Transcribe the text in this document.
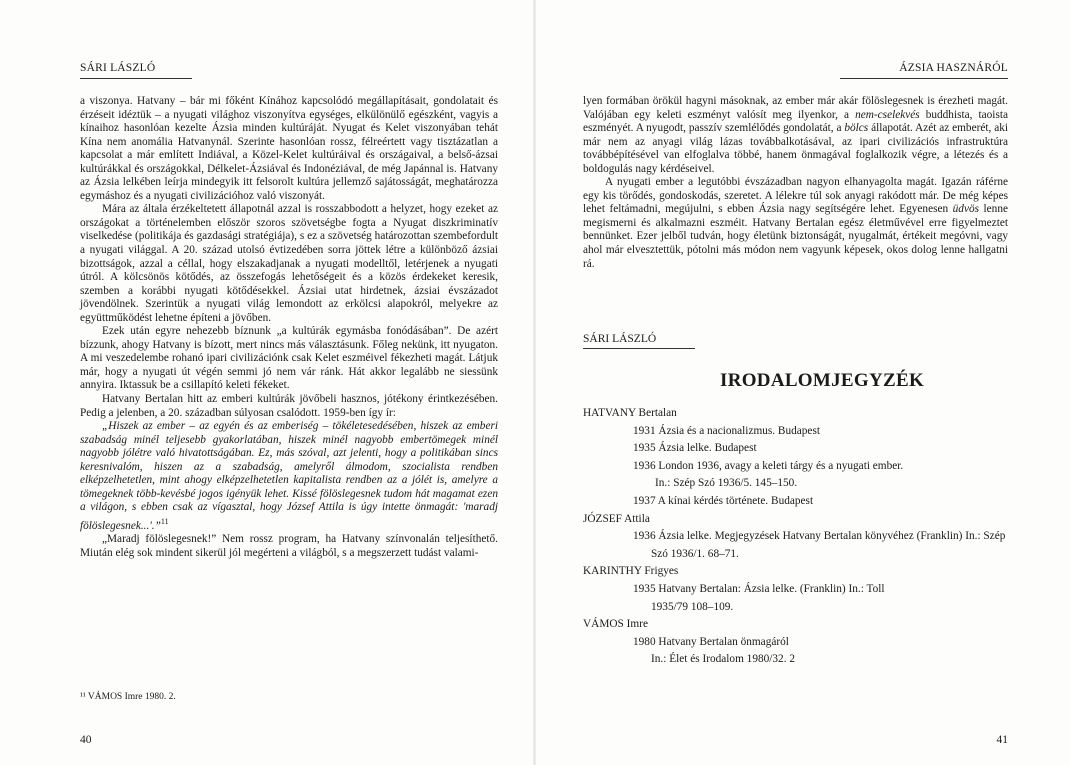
SÁRI LÁSZLÓ

a viszonya. Hatvany – bár mi főként Kínához kapcsolódó megállapításait, gondolatait és érzéseit idéztük – a nyugati világhoz viszonyítva egységes, elkülönülő egészként, vagyis a kínaihoz hasonlóan kezelte Ázsia minden kultúráját. Nyugat és Kelet viszonyában tehát Kína nem anomália Hatvanynál. Szerinte hasonlóan rossz, félreértett vagy tisztázatlan a kapcsolat a már említett Indiával, a Közel-Kelet kultúráival és országaival, a belső-ázsai kultúrákkal és országokkal, Délkelet-Ázsiával és Indonéziával, de még Japánnal is. Hatvany az Ázsia lelkében leírja mindegyik itt felsorolt kultúra jellemző sajátosságát, meghatározza egymáshoz és a nyugati civilizációhoz való viszonyát.

Mára az általa érzékeltetett állapotnál azzal is rosszabbodott a helyzet, hogy ezeket az országokat a történelemben először szoros szövetségbe fogta a Nyugat diszkriminatív viselkedése (politikája és gazdasági stratégiája), s ez a szövetség határozottan szembefordult a nyugati világgal. A 20. század utolsó évtizedében sorra jöttek létre a különböző ázsiai bizottságok, azzal a céllal, hogy elszakadjanak a nyugati modelltől, letérjenek a nyugati útról. A kölcsönös kötődés, az összefogás lehetőségeit és a közös érdekeket keresik, szemben a korábbi nyugati kötődésekkel. Ázsiai utat hirdetnek, ázsiai évszázadot jövendölnek. Szerintük a nyugati világ lemondott az erkölcsi alapokról, melyekre az együttműködést lehetne építeni a jövőben.

Ezek után egyre nehezebb bíznunk „a kultúrák egymásba fonódásában”. De azért bízzunk, ahogy Hatvany is bízott, mert nincs más választásunk. Főleg nekünk, itt nyugaton. A mi veszedelembe rohanó ipari civilizációnk csak Kelet eszméivel fékezheti magát. Látjuk már, hogy a nyugati út végén semmi jó nem vár ránk. Hát akkor legalább ne siessünk annyira. Iktassuk be a csillapító keleti fékeket.

Hatvany Bertalan hitt az emberi kultúrák jövőbeli hasznos, jótékony érintkezésében. Pedig a jelenben, a 20. században súlyosan csalódott. 1959-ben így ír:

„Hiszek az ember – az egyén és az emberiség – tökéletesedésében, hiszek az emberi szabadság minél teljesebb gyakorlatában, hiszek minél nagyobb embertömegek minél nagyobb jólétre való hivatottságában. Ez, más szóval, azt jelenti, hogy a politikában sincs keresnivalóm, hiszen az a szabadság, amelyről álmodom, szocialista rendben elképzelhetetlen, mint ahogy elképzelhetetlen kapitalista rendben az a jólét is, amelyre a tömegeknek több-kevésbé jogos igényük lehet. Kissé fölöslegesnek tudom hát magamat ezen a világon, s ebben csak az vígasztal, hogy József Attila is úgy intette önmagát: 'maradj fölöslegesnek...'.”$^{11}$

„Maradj fölöslegesnek!” Nem rossz program, ha Hatvany színvonalán teljesíthető. Miután elég sok mindent sikerül jól megérteni a világból, s a megszerzett tudást valami-

¹¹ VÁMOS Imre 1980. 2.
40
ÁZSIA HASZNÁRÓL

lyen formában örökül hagyni másoknak, az ember már akár fölöslegesnek is érezheti magát. Valójában egy keleti eszményt valósít meg ilyenkor, a nem-cselekvés buddhista, taoista eszményét. A nyugodt, passzív szemlélődés gondolatát, a bölcs állapotát. Azét az emberét, aki már nem az anyagi világ lázas továbbalkotásával, az ipari civilizációs infrastruktúra továbbépítésével van elfoglalva többé, hanem önmagával foglalkozik végre, a létezés és a boldogulás nagy kérdéseivel.

A nyugati ember a legutóbbi évszázadban nagyon elhanyagolta magát. Igazán ráférne egy kis törődés, gondoskodás, szeretet. A lélekre túl sok anyagi rakódott már. De még képes lehet feltámadni, megújulni, s ebben Ázsia nagy segítségére lehet. Egyenesen üdvös lenne megismerni és alkalmazni eszméit. Hatvany Bertalan egész életművével erre figyelmeztet bennünket. Ezer jelből tudván, hogy életünk biztonságát, nyugalmát, értékeit megóvni, vagy ahol már elvesztettük, pótolni más módon nem vagyunk képesek, okos dolog lenne hallgatni rá.

SÁRI LÁSZLÓ
IRODALOMJEGYZÉK

HATVANY Bertalan

1931 Ázsia és a nacionalizmus. Budapest

1935 Ázsia lelke. Budapest

1936 London 1936, avagy a keleti tárgy és a nyugati ember.

In.: Szép Szó 1936/5. 145–150.

1937 A kínai kérdés története. Budapest

JÓZSEF Attila

1936 Ázsia lelke. Megjegyzések Hatvany Bertalan könyvéhez (Franklin) In.: Szép

Szó 1936/1. 68–71.

KARINTHY Frigyes

1935 Hatvany Bertalan: Ázsia lelke. (Franklin) In.: Toll

1935/79 108–109.

VÁMOS Imre

1980 Hatvany Bertalan önmagáról

In.: Élet és Irodalom 1980/32. 2

41
